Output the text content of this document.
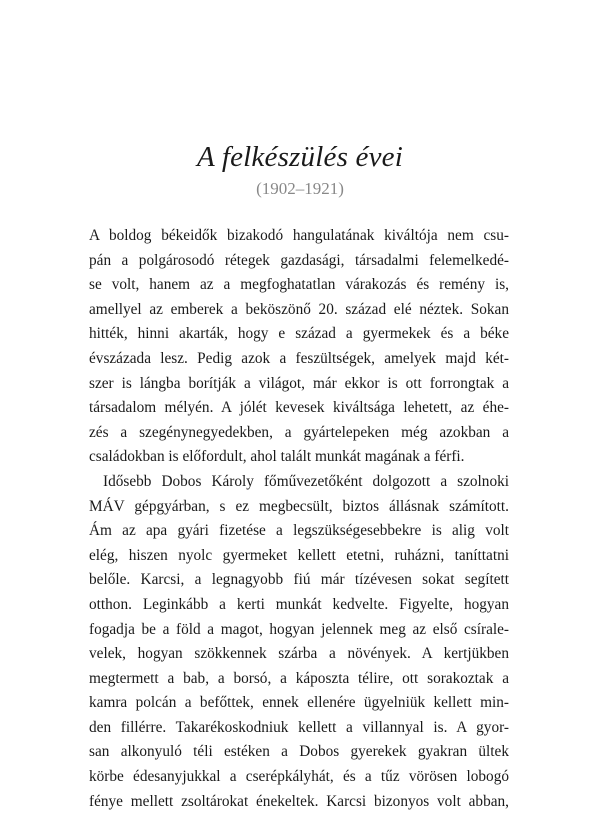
A felkészülés évei
(1902–1921)
A boldog békeidők bizakodó hangulatának kiváltója nem csu-
pán a polgárosodó rétegek gazdasági, társadalmi felemelkedé-
se volt, hanem az a megfoghatatlan várakozás és remény is,
amellyel az emberek a beköszönő 20. század elé néztek. Sokan
hitték, hinni akarták, hogy e század a gyermekek és a béke
évszázada lesz. Pedig azok a feszültségek, amelyek majd két-
szer is lángba borítják a világot, már ekkor is ott forrongtak a
társadalom mélyén. A jólét kevesek kiváltsága lehetett, az éhe-
zés a szegénynegyedekben, a gyártelepeken még azokban a
családokban is előfordult, ahol talált munkát magának a férfi.
Idősebb Dobos Károly főművezetőként dolgozott a szolnoki
MÁV gépgyárban, s ez megbecsült, biztos állásnak számított.
Ám az apa gyári fizetése a legszükségesebbekre is alig volt
elég, hiszen nyolc gyermeket kellett etetni, ruházni, taníttatni
belőle. Karcsi, a legnagyobb fiú már tízévesen sokat segített
otthon. Leginkább a kerti munkát kedvelte. Figyelte, hogyan
fogadja be a föld a magot, hogyan jelennek meg az első csírale-
velek, hogyan szökkennek szárba a növények. A kertjükben
megtermett a bab, a borsó, a káposzta télire, ott sorakoztak a
kamra polcán a befőttek, ennek ellenére ügyelniük kellett min-
den fillérre. Takarékoskodniuk kellett a villannyal is. A gyor-
san alkonyuló téli estéken a Dobos gyerekek gyakran ültek
körbe édesanyjukkal a cserépkályhát, és a tűz vörösen lobogó
fénye mellett zsoltárokat énekeltek. Karcsi bizonyos volt abban,
